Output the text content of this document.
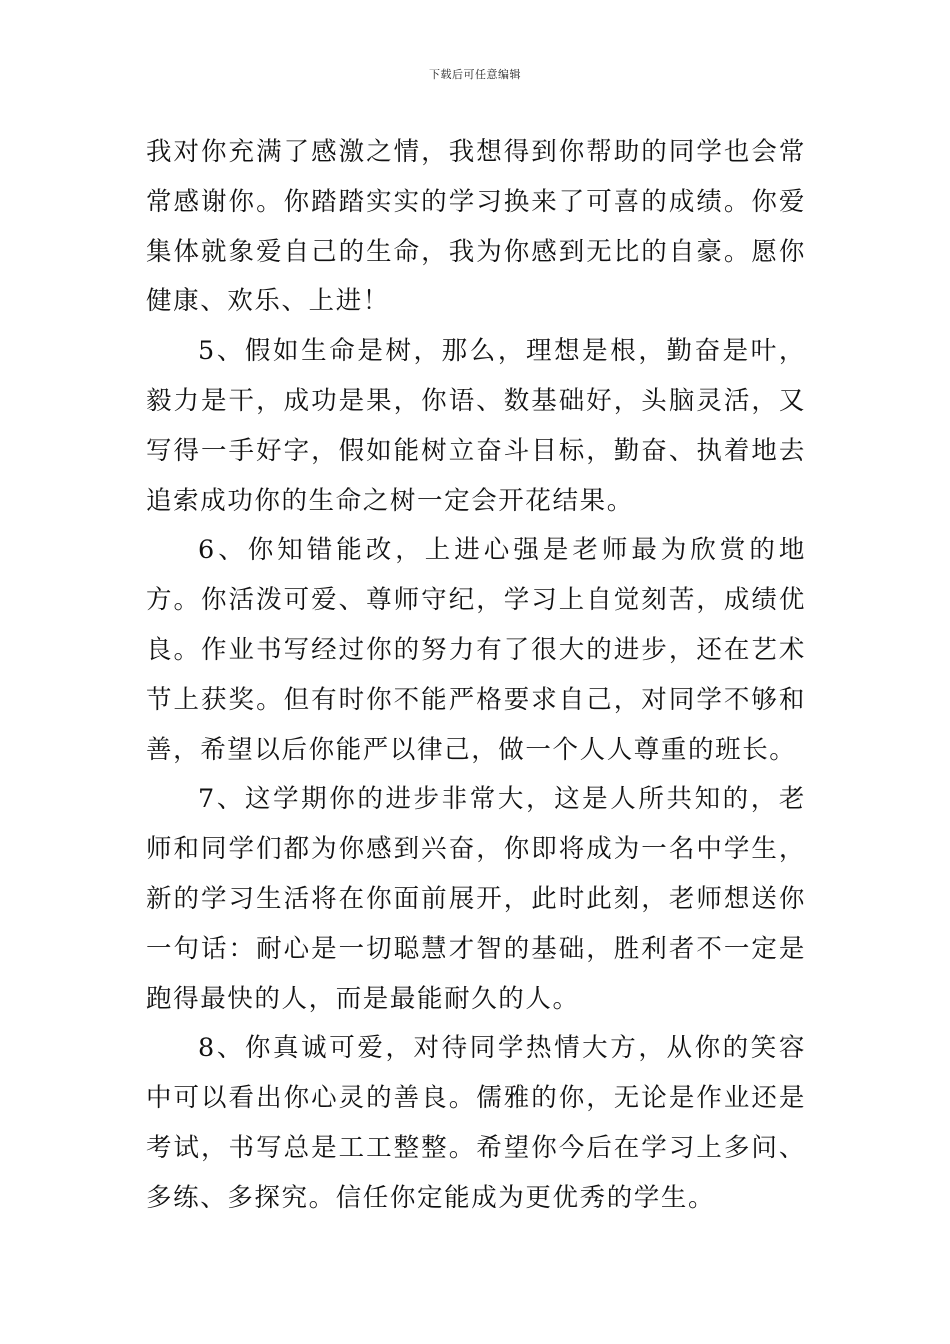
下载后可任意编辑

我对你充满了感激之情，我想得到你帮助的同学也会常常感谢你。你踏踏实实的学习换来了可喜的成绩。你爱集体就象爱自己的生命，我为你感到无比的自豪。愿你健康、欢乐、上进！

5、假如生命是树，那么，理想是根，勤奋是叶，毅力是干，成功是果，你语、数基础好，头脑灵活，又写得一手好字，假如能树立奋斗目标，勤奋、执着地去追索成功你的生命之树一定会开花结果。

6、你知错能改，上进心强是老师最为欣赏的地方。你活泼可爱、尊师守纪，学习上自觉刻苦，成绩优良。作业书写经过你的努力有了很大的进步，还在艺术节上获奖。但有时你不能严格要求自己，对同学不够和善，希望以后你能严以律己，做一个人人尊重的班长。

7、这学期你的进步非常大，这是人所共知的，老师和同学们都为你感到兴奋，你即将成为一名中学生，新的学习生活将在你面前展开，此时此刻，老师想送你一句话：耐心是一切聪慧才智的基础，胜利者不一定是跑得最快的人，而是最能耐久的人。

8、你真诚可爱，对待同学热情大方，从你的笑容中可以看出你心灵的善良。儒雅的你，无论是作业还是考试，书写总是工工整整。希望你今后在学习上多问、多练、多探究。信任你定能成为更优秀的学生。
